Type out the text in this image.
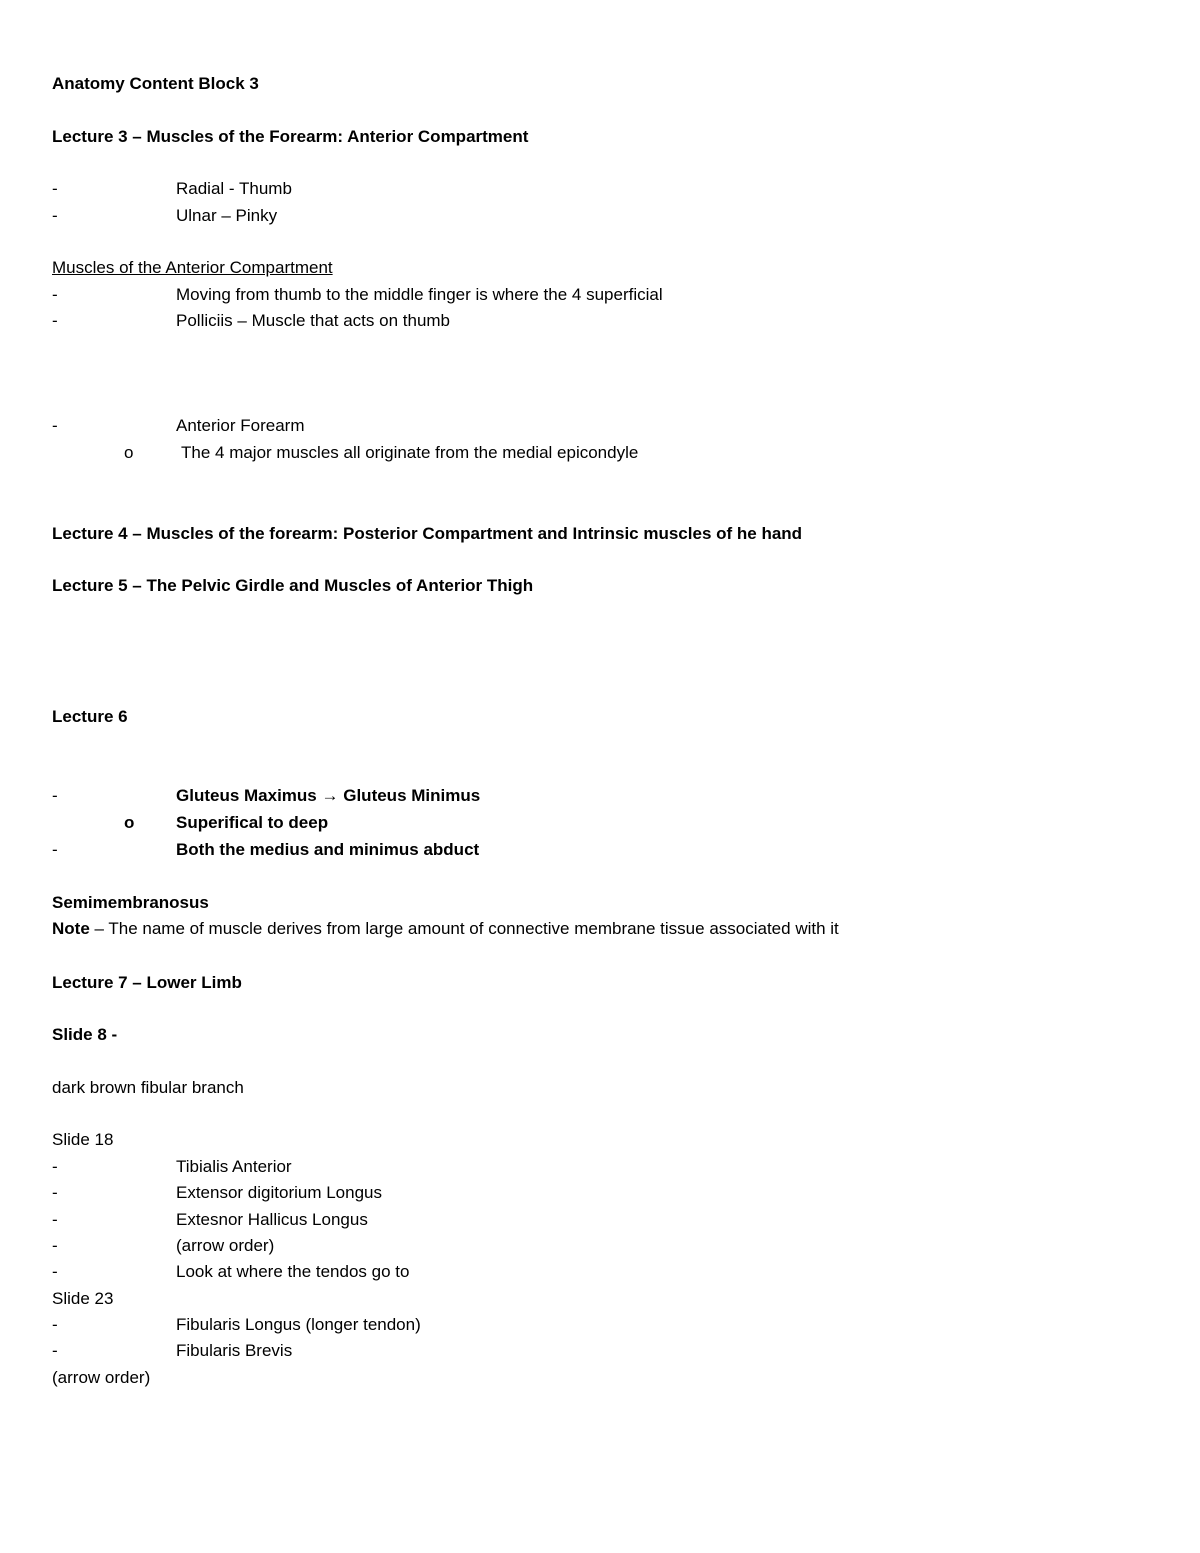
Anatomy Content Block 3
Lecture 3 – Muscles of the Forearm: Anterior Compartment
-	Radial - Thumb
-	Ulnar – Pinky
Muscles of the Anterior Compartment
-	Moving from thumb to the middle finger is where the 4 superficial
-	Polliciis – Muscle that acts on thumb
-	Anterior Forearm
o	The 4 major muscles all originate from the medial epicondyle
Lecture 4 – Muscles of the forearm: Posterior Compartment and Intrinsic muscles of he hand
Lecture 5 – The Pelvic Girdle and Muscles of Anterior Thigh
Lecture 6
-	Gluteus Maximus → Gluteus Minimus
o Superifical to deep
-	Both the medius and minimus abduct
Semimembranosus
Note – The name of muscle derives from large amount of connective membrane tissue associated with it
Lecture 7 – Lower Limb
Slide 8 -
dark brown fibular branch
Slide 18
-	Tibialis Anterior
-	Extensor digitorium Longus
-	Extesnor Hallicus Longus
-	(arrow order)
-	Look at where the tendos go to
Slide 23
-	Fibularis Longus (longer tendon)
-	Fibularis Brevis
(arrow order)
